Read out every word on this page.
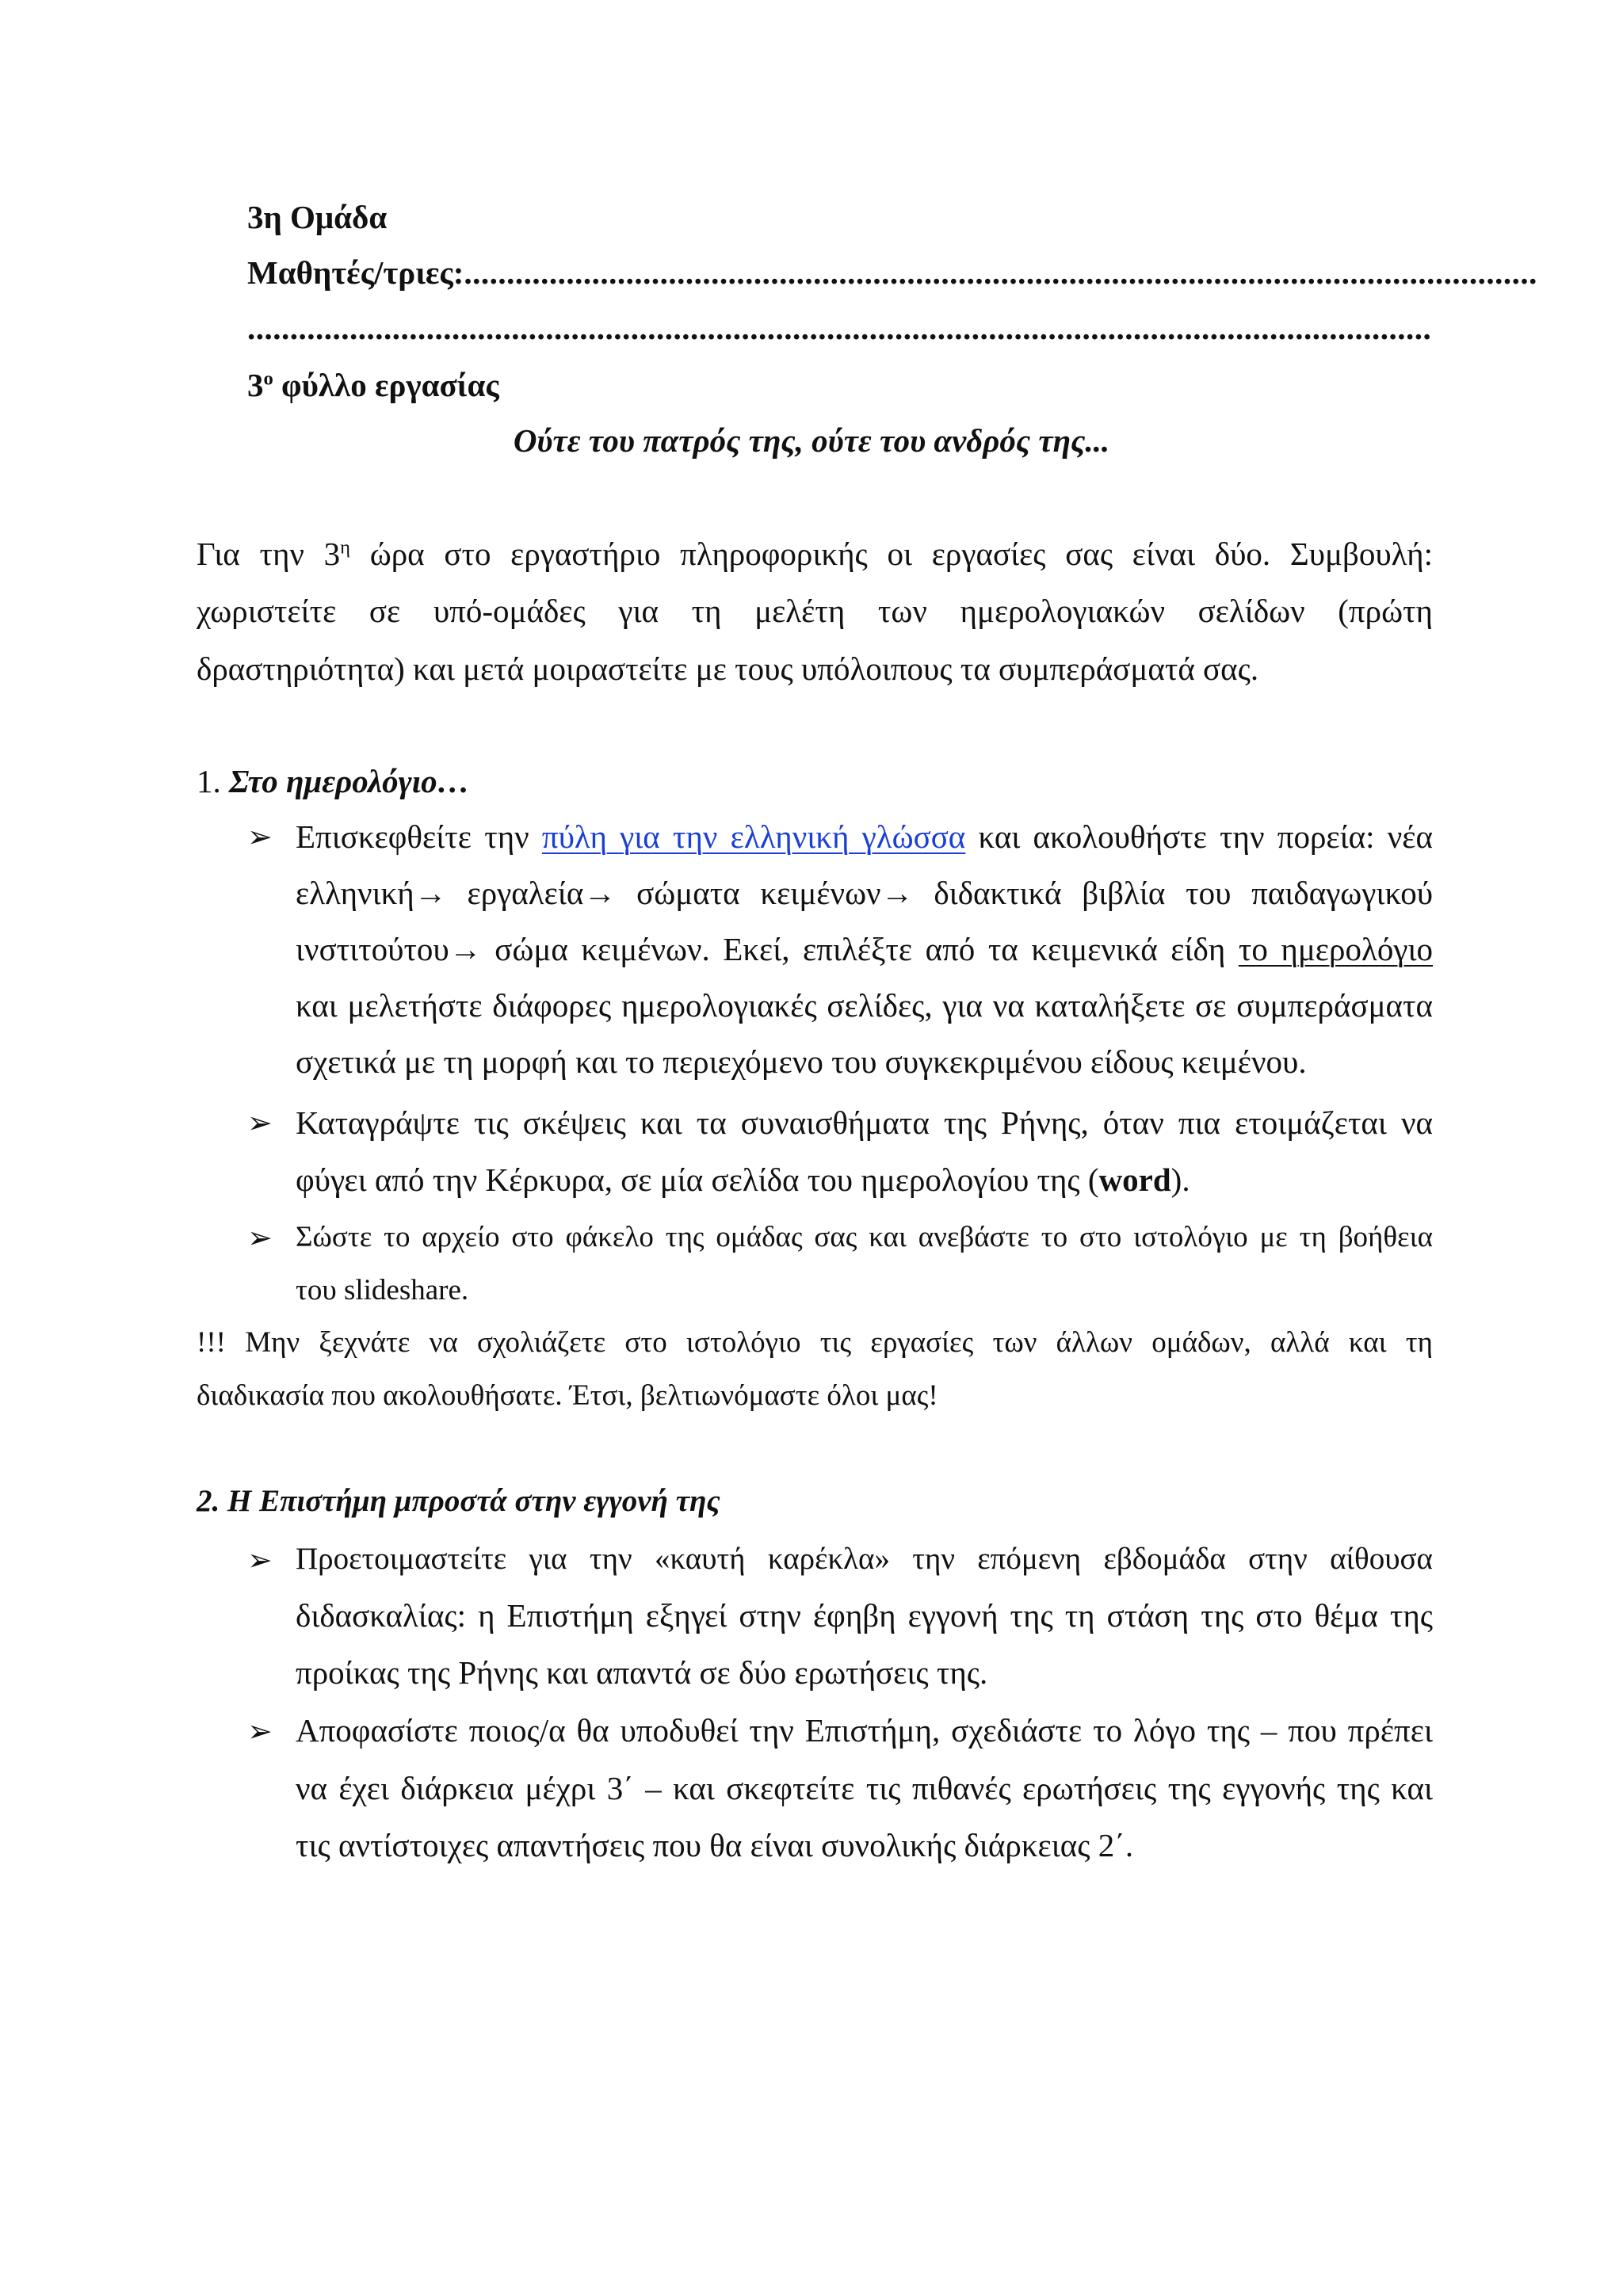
3η Ομάδα
Μαθητές/τριες:..............................................................................................................................
...........................................................................................................................................
$3^o$ φύλλο εργασίας
Ούτε του πατρός της, ούτε του ανδρός της...
Για την $3^\eta$ ώρα στο εργαστήριο πληροφορικής οι εργασίες σας είναι δύο. Συμβουλή:
χωριστείτε σε υπό-ομάδες για τη μελέτη των ημερολογιακών σελίδων (πρώτη
δραστηριότητα) και μετά μοιραστείτε με τους υπόλοιπους τα συμπεράσματά σας.
1. Στο ημερολόγιο…
➢ Επισκεφθείτε την πύλη για την ελληνική γλώσσα και ακολουθήστε την πορεία: νέα
ελληνική→ εργαλεία→ σώματα κειμένων→ διδακτικά βιβλία του παιδαγωγικού
ινστιτούτου→ σώμα κειμένων. Εκεί, επιλέξτε από τα κειμενικά είδη το ημερολόγιο
και μελετήστε διάφορες ημερολογιακές σελίδες, για να καταλήξετε σε συμπεράσματα
σχετικά με τη μορφή και το περιεχόμενο του συγκεκριμένου είδους κειμένου.
➢ Καταγράψτε τις σκέψεις και τα συναισθήματα της Ρήνης, όταν πια ετοιμάζεται να
φύγει από την Κέρκυρα, σε μία σελίδα του ημερολογίου της (word).
➢ Σώστε το αρχείο στο φάκελο της ομάδας σας και ανεβάστε το στο ιστολόγιο με τη βοήθεια
του slideshare.
!!! Μην ξεχνάτε να σχολιάζετε στο ιστολόγιο τις εργασίες των άλλων ομάδων, αλλά και τη
διαδικασία που ακολουθήσατε. Έτσι, βελτιωνόμαστε όλοι μας!
2. Η Επιστήμη μπροστά στην εγγονή της
➢ Προετοιμαστείτε για την «καυτή καρέκλα» την επόμενη εβδομάδα στην αίθουσα
διδασκαλίας: η Επιστήμη εξηγεί στην έφηβη εγγονή της τη στάση της στο θέμα της
προίκας της Ρήνης και απαντά σε δύο ερωτήσεις της.
➢ Αποφασίστε ποιος/α θα υποδυθεί την Επιστήμη, σχεδιάστε το λόγο της – που πρέπει
να έχει διάρκεια μέχρι 3΄ – και σκεφτείτε τις πιθανές ερωτήσεις της εγγονής της και
τις αντίστοιχες απαντήσεις που θα είναι συνολικής διάρκειας 2΄.
